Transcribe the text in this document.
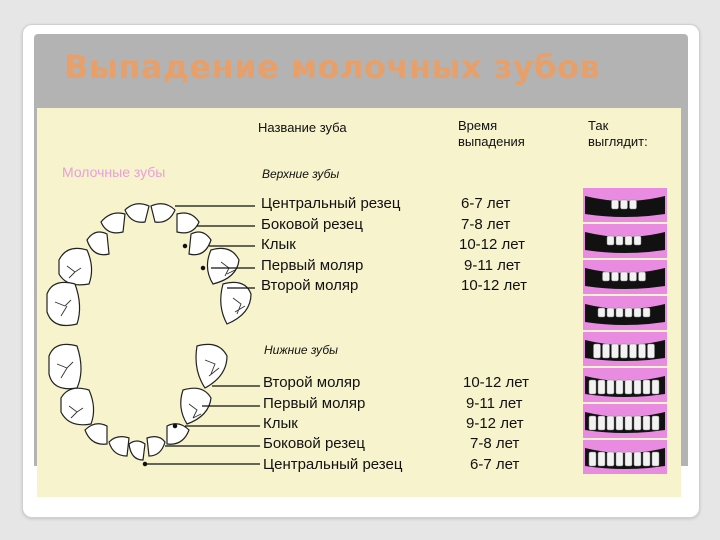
Выпадение молочных зубов
Название зуба	Время
выпадения
Так
выглядит:
Молочные зубы	Верхние зубы
Нижние зубы
Центральный резец	6-7 лет
Боковой резец	7-8 лет
Клык	10-12 лет
Первый моляр	9-11 лет
Второй моляр	10-12 лет
Второй моляр	10-12 лет
Первый моляр	9-11 лет
Клык	9-12 лет
Боковой резец	7-8 лет
Центральный резец	6-7 лет
